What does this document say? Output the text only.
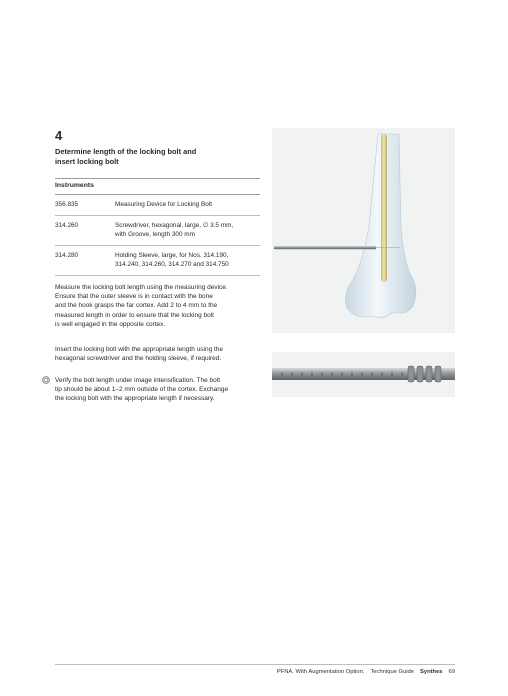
4
Determine length of the locking bolt and
insert locking bolt
Instruments	
356.835	Measuring Device for Locking Bolt

314.260	Screwdriver, hexagonal, large, ∅ 3.5 mm,
with Groove, length 300 mm

314.280	Holding Sleeve, large, for Nos. 314.190,
314.240, 314.260, 314.270 and 314.750
Measure the locking bolt length using the measuring device.
Ensure that the outer sleeve is in contact with the bone
and the hook grasps the far cortex. Add 2 to 4 mm to the
measured length in order to ensure that the locking bolt
is well engaged in the opposite cortex.
Insert the locking bolt with the appropriate length using the
hexagonal screwdriver and the holding sleeve, if required.
Verify the bolt length under image intensification. The bolt
tip should be about 1–2 mm outside of the cortex. Exchange
the locking bolt with the appropriate length if necessary.
PFNA. With Augmentation Option. Technique Guide Synthes 69
